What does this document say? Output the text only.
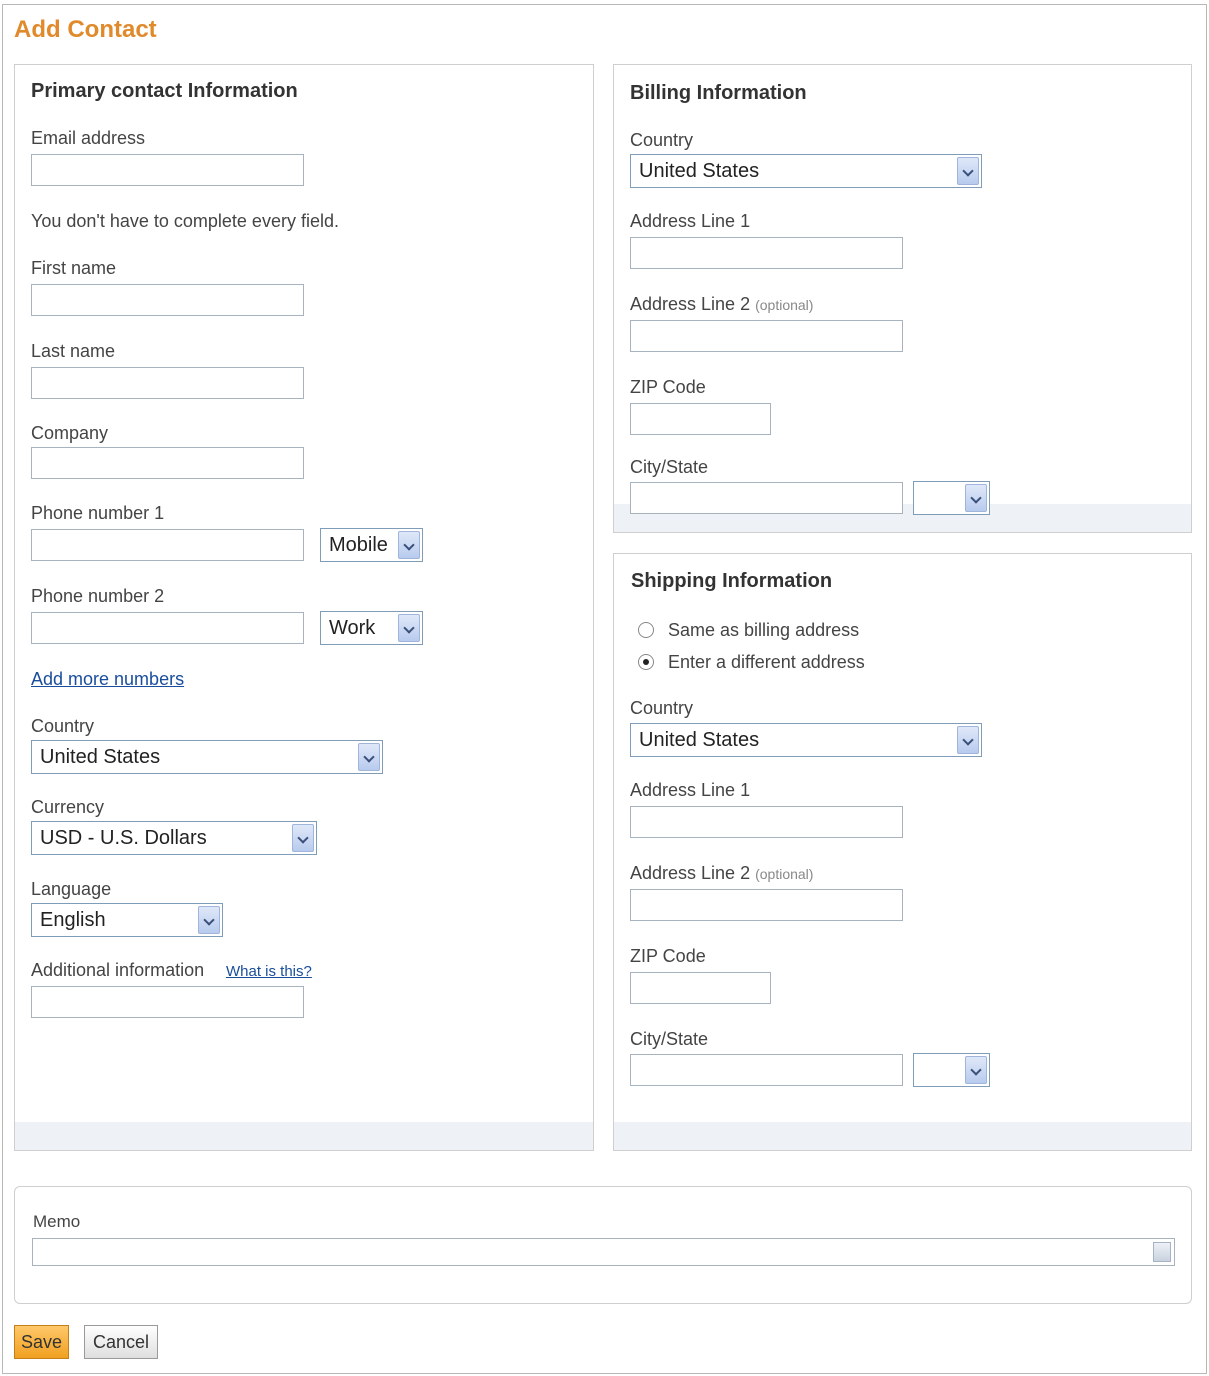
Add Contact
Primary contact Information
Email address
You don't have to complete every field.
First name
Last name
Company
Phone number 1
Mobile
Phone number 2
Work
Add more numbers
Country
United States
Currency
USD - U.S. Dollars
Language
English
Additional information What is this?
Billing Information
Country
United States
Address Line 1
Address Line 2 (optional)
ZIP Code
City/State
Shipping Information
Same as billing address
Enter a different address
Country
United States
Address Line 1
Address Line 2 (optional)
ZIP Code
City/State
Memo
Save	Cancel
